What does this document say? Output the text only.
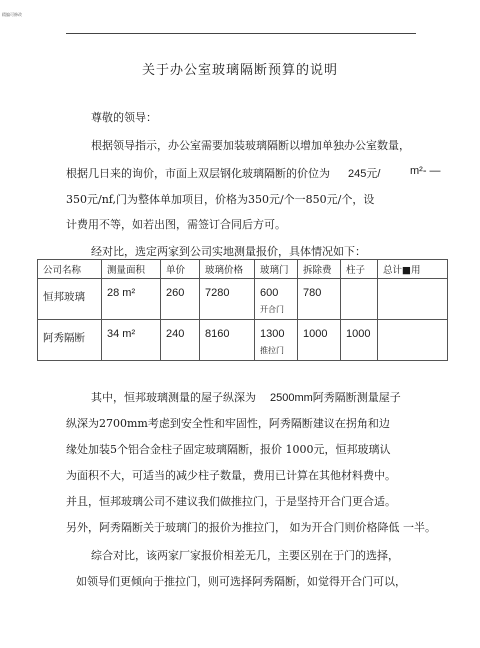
精编可修改
关于办公室玻璃隔断预算的说明
尊敬的领导：
根据领导指示，办公室需要加装玻璃隔断以增加单独办公室数量，
根据几日来的询价，市面上双层钢化玻璃隔断的价位为 245元/	m²- —
350元/nf,门为整体单加项目，价格为350元/个一850元/个，设
计费用不等，如若出图，需签订合同后方可。
经对比，选定两家到公司实地测量报价，具体情况如下：
公司名称	测量面积	单价	玻璃价格	玻璃门	拆除费	柱子	总计■用

恒邦玻璃	28 m²	260	7280	600
开合门	780		

阿秀隔断	34 m²	240	8160	1300
推拉门	1000	1000	

其中，恒邦玻璃测量的屋子纵深为 2500mm阿秀隔断测量屋子
纵深为2700mm考虑到安全性和牢固性，阿秀隔断建议在拐角和边
缘处加装5个铝合金柱子固定玻璃隔断，报价 1000元，恒邦玻璃认
为面积不大，可适当的减少柱子数量，费用已计算在其他材料费中。
并且，恒邦玻璃公司不建议我们做推拉门，于是坚持开合门更合适。
另外，阿秀隔断关于玻璃门的报价为推拉门， 如为开合门则价格降低 一半。
综合对比，该两家厂家报价相差无几，主要区别在于门的选择，
如领导们更倾向于推拉门，则可选择阿秀隔断，如觉得开合门可以，
